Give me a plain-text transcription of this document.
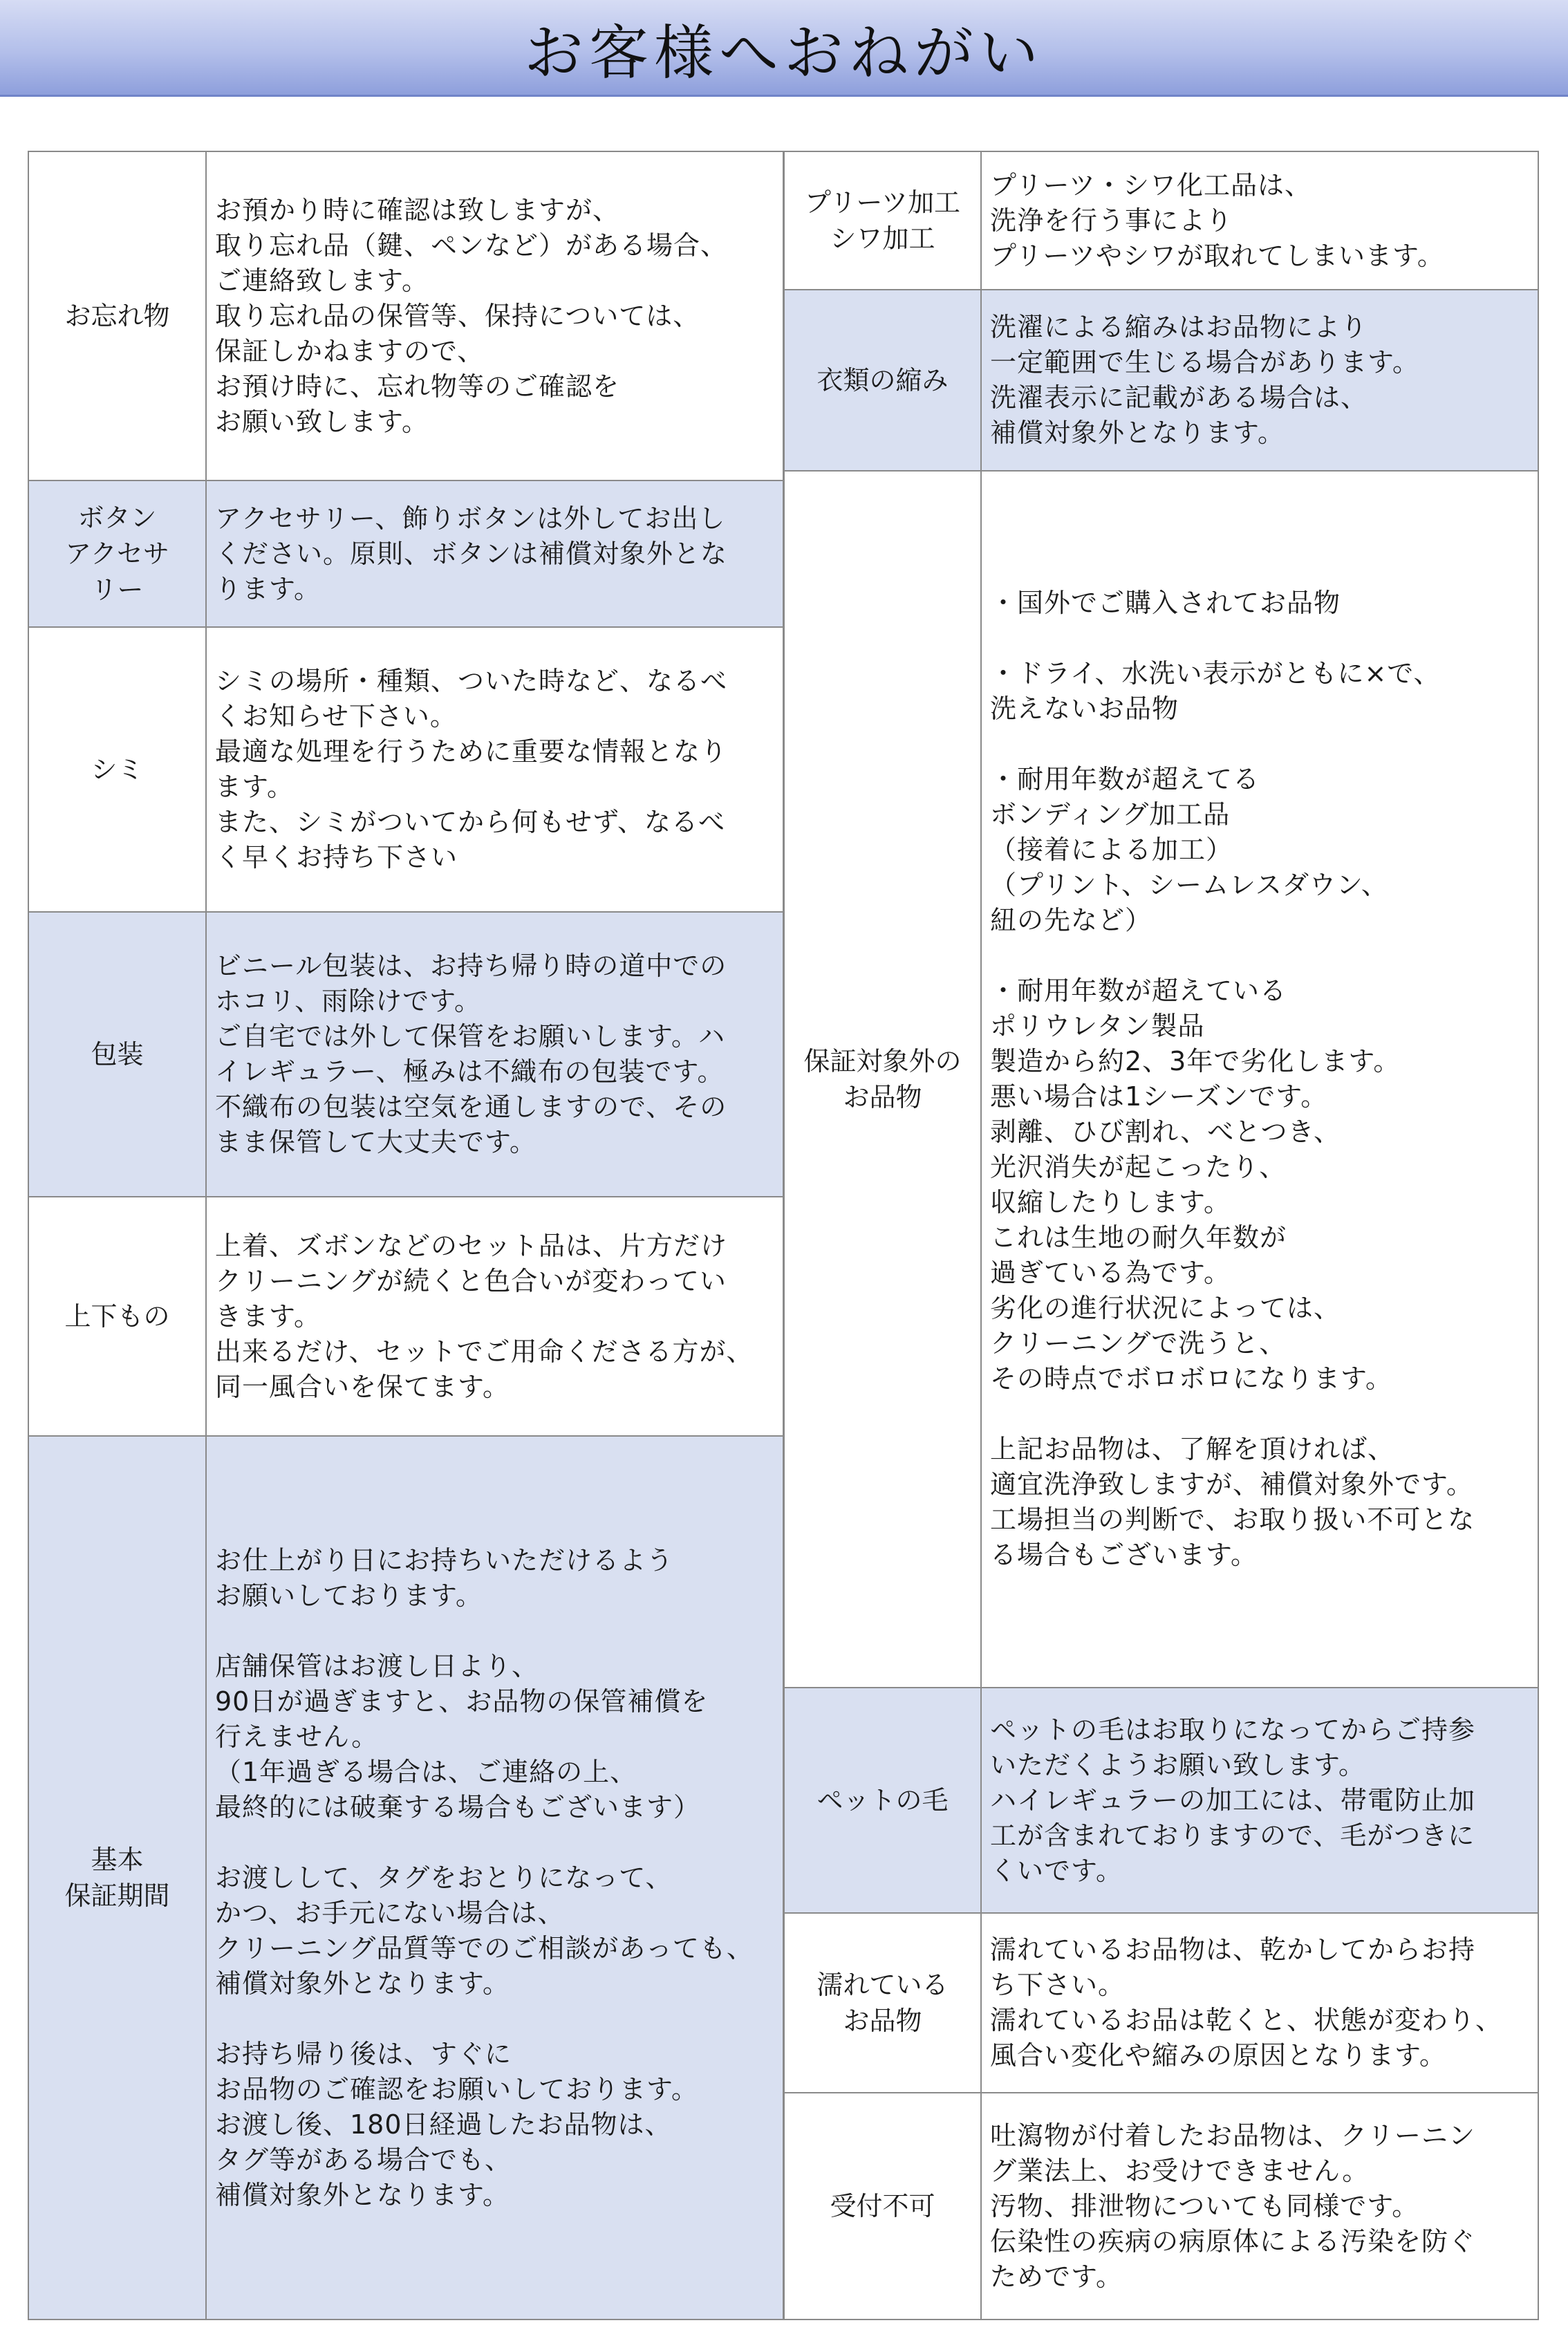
お客様へおねがい
お忘れ物
お預かり時に確認は致しますが、
取り忘れ品（鍵、ペンなど）がある場合、
ご連絡致します。
取り忘れ品の保管等、保持については、
保証しかねますので、
お預け時に、忘れ物等のご確認を
お願い致します。
ボタン
アクセサ
リー
アクセサリー、飾りボタンは外してお出し
ください。原則、ボタンは補償対象外とな
ります。
シミ
シミの場所・種類、ついた時など、なるべ
くお知らせ下さい。
最適な処理を行うために重要な情報となり
ます。
また、シミがついてから何もせず、なるべ
く早くお持ち下さい
包装
ビニール包装は、お持ち帰り時の道中での
ホコリ、雨除けです。
ご自宅では外して保管をお願いします。ハ
イレギュラー、極みは不織布の包装です。
不織布の包装は空気を通しますので、その
まま保管して大丈夫です。
上下もの
上着、ズボンなどのセット品は、片方だけ
クリーニングが続くと色合いが変わってい
きます。
出来るだけ、セットでご用命くださる方が、
同一風合いを保てます。
基本
保証期間
お仕上がり日にお持ちいただけるよう
お願いしております。

店舗保管はお渡し日より、
90日が過ぎますと、お品物の保管補償を
行えません。
（1年過ぎる場合は、ご連絡の上、
最終的には破棄する場合もございます）

お渡しして、タグをおとりになって、
かつ、お手元にない場合は、
クリーニング品質等でのご相談があっても、
補償対象外となります。

お持ち帰り後は、すぐに
お品物のご確認をお願いしております。
お渡し後、180日経過したお品物は、
タグ等がある場合でも、
補償対象外となります。
プリーツ加工
シワ加工
プリーツ・シワ化工品は、
洗浄を行う事により
プリーツやシワが取れてしまいます。
衣類の縮み
洗濯による縮みはお品物により
一定範囲で生じる場合があります。
洗濯表示に記載がある場合は、
補償対象外となります。
保証対象外の
お品物
・国外でご購入されてお品物

・ドライ、水洗い表示がともに×で、
洗えないお品物

・耐用年数が超えてる
ボンディング加工品
（接着による加工）
（プリント、シームレスダウン、
紐の先など）

・耐用年数が超えている
ポリウレタン製品
製造から約2、3年で劣化します。
悪い場合は1シーズンです。
剥離、ひび割れ、べとつき、
光沢消失が起こったり、
収縮したりします。
これは生地の耐久年数が
過ぎている為です。
劣化の進行状況によっては、
クリーニングで洗うと、
その時点でボロボロになります。

上記お品物は、了解を頂ければ、
適宜洗浄致しますが、補償対象外です。
工場担当の判断で、お取り扱い不可とな
る場合もございます。
ペットの毛
ペットの毛はお取りになってからご持参
いただくようお願い致します。
ハイレギュラーの加工には、帯電防止加
工が含まれておりますので、毛がつきに
くいです。
濡れている
お品物
濡れているお品物は、乾かしてからお持
ち下さい。
濡れているお品は乾くと、状態が変わり、
風合い変化や縮みの原因となります。
受付不可
吐瀉物が付着したお品物は、クリーニン
グ業法上、お受けできません。
汚物、排泄物についても同様です。
伝染性の疾病の病原体による汚染を防ぐ
ためです。
